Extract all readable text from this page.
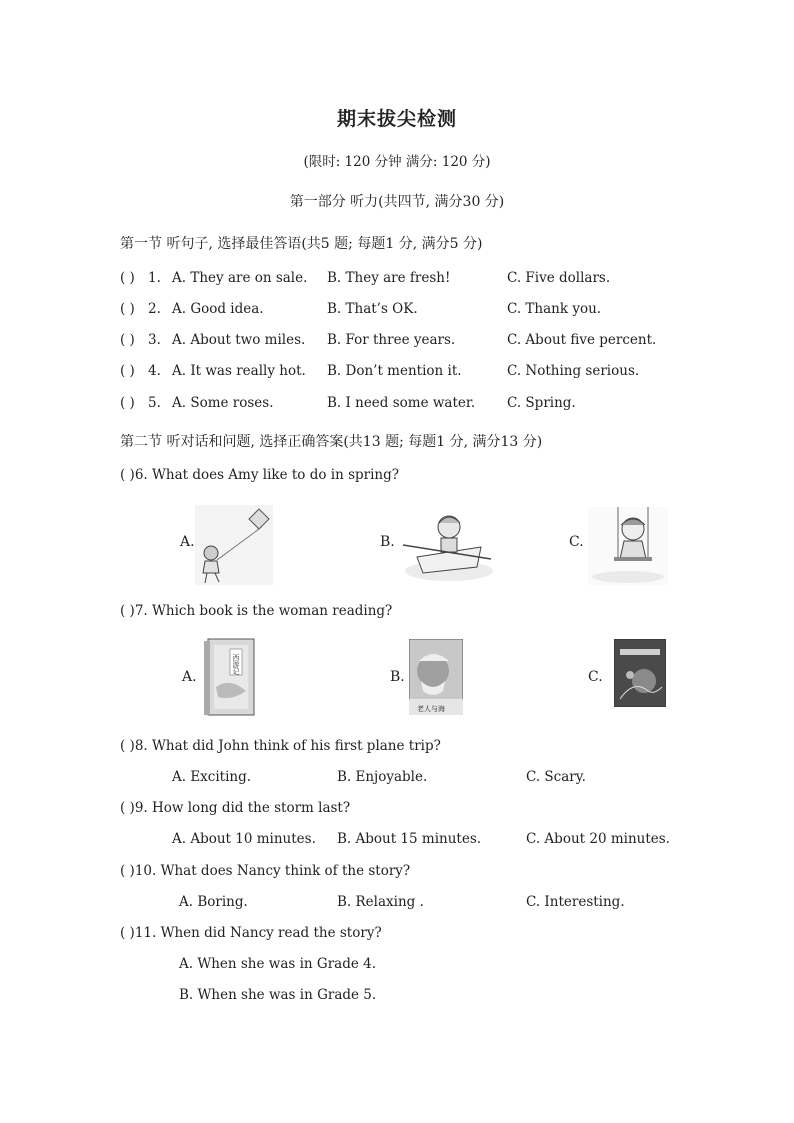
期末拔尖检测
(限时: 120 分钟 满分: 120 分)
第一部分 听力(共四节, 满分30 分)
第一节 听句子, 选择最佳答语(共5 题; 每题1 分, 满分5 分)
( ) 1. A. They are on sale. B. They are fresh!	C. Five dollars.
( ) 2. A. Good idea.	B. That’s OK.	C. Thank you.
( ) 3. A. About two miles. B. For three years.	C. About five percent.
( ) 4. A. It was really hot. B. Don’t mention it.	C. Nothing serious.
( ) 5. A. Some roses.	B. I need some water. C. Spring.
第二节 听对话和问题, 选择正确答案(共13 题; 每题1 分, 满分13 分)
( )6. What does Amy like to do in spring?
A.	B.	C.
( )7. Which book is the woman reading?
A.	B.	C.
西游记
老人与海
( )8. What did John think of his first plane trip?
A. Exciting.	B. Enjoyable.	C. Scary.
( )9. How long did the storm last?
A. About 10 minutes. B. About 15 minutes.	C. About 20 minutes.
( )10. What does Nancy think of the story?
A. Boring.	B. Relaxing .	C. Interesting.
( )11. When did Nancy read the story?
A. When she was in Grade 4.
B. When she was in Grade 5.
